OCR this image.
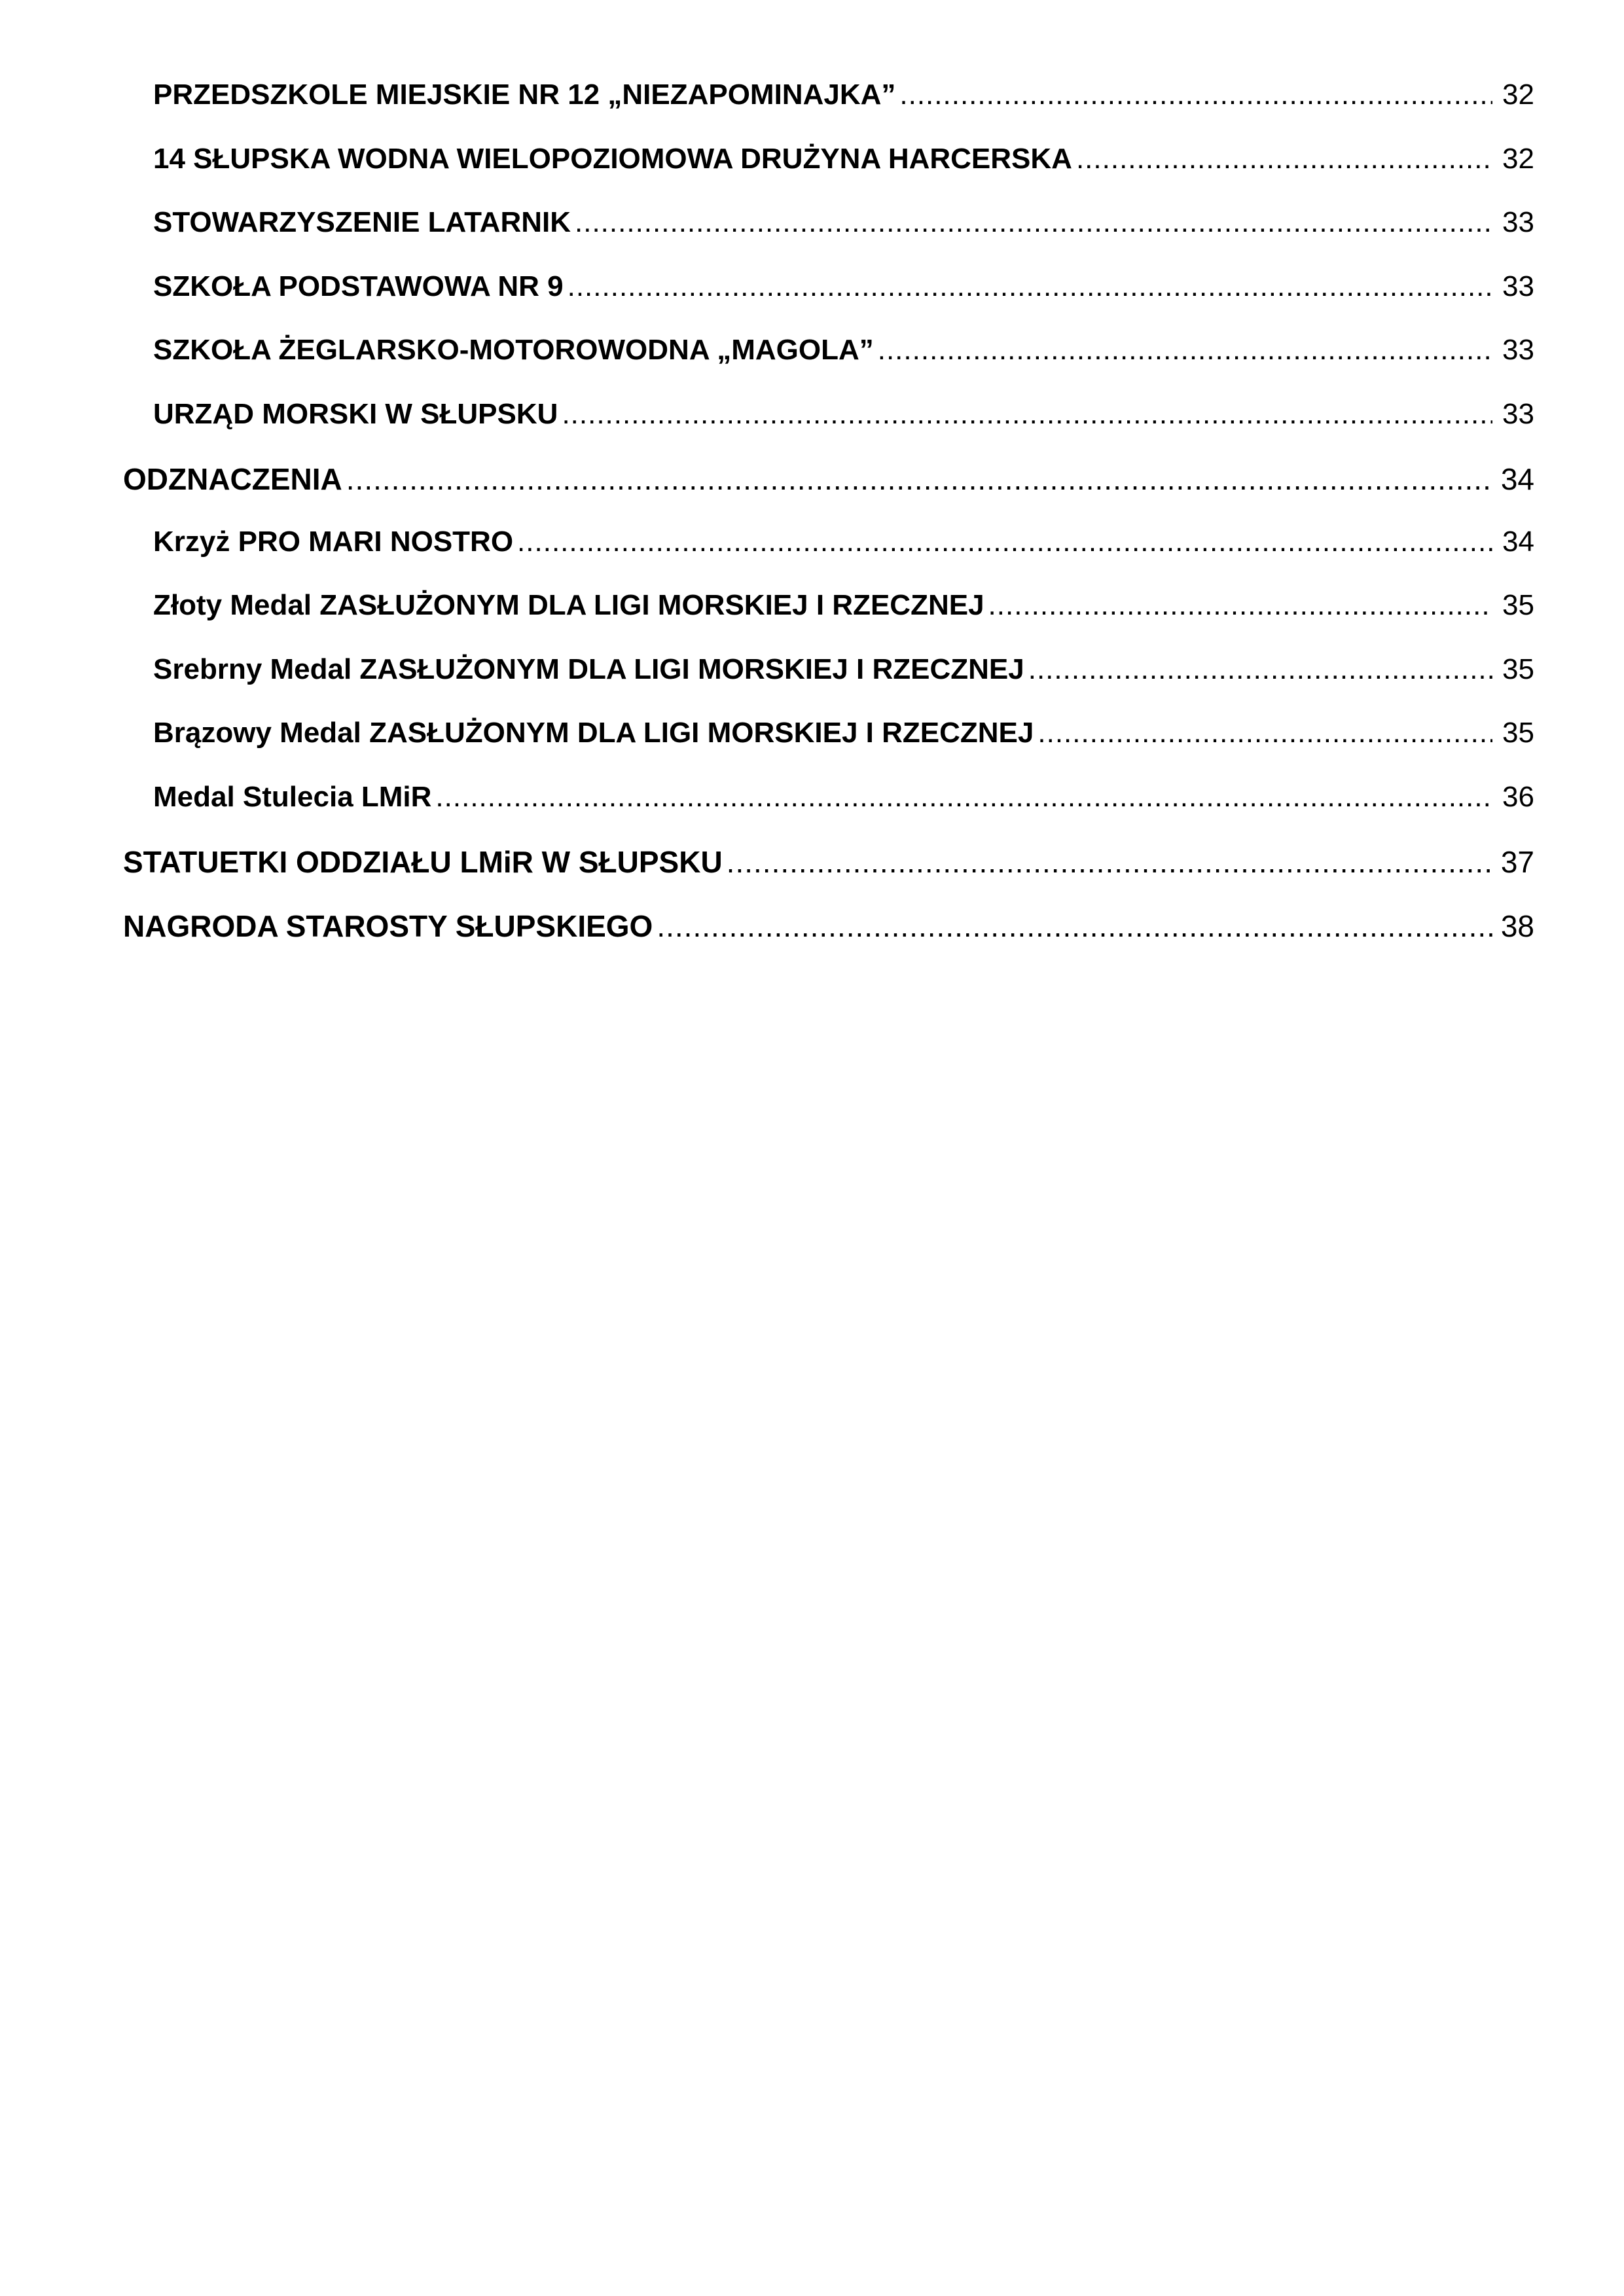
PRZEDSZKOLE MIEJSKIE NR 12 „NIEZAPOMINAJKA” .....	32
14 SŁUPSKA WODNA WIELOPOZIOMOWA DRUŻYNA HARCERSKA .....	32
STOWARZYSZENIE LATARNIK .....	33
SZKOŁA PODSTAWOWA NR 9 .....	33
SZKOŁA ŻEGLARSKO-MOTOROWODNA „MAGOLA” .....	33
URZĄD MORSKI W SŁUPSKU .....	33
ODZNACZENIA .....	34
Krzyż PRO MARI NOSTRO .....	34
Złoty Medal ZASŁUŻONYM DLA LIGI MORSKIEJ I RZECZNEJ .....	35
Srebrny Medal ZASŁUŻONYM DLA LIGI MORSKIEJ I RZECZNEJ .....	35
Brązowy Medal ZASŁUŻONYM DLA LIGI MORSKIEJ I RZECZNEJ .....	35
Medal Stulecia LMiR .....	36
STATUETKI ODDZIAŁU LMiR W SŁUPSKU .....	37
NAGRODA STAROSTY SŁUPSKIEGO .....	38
